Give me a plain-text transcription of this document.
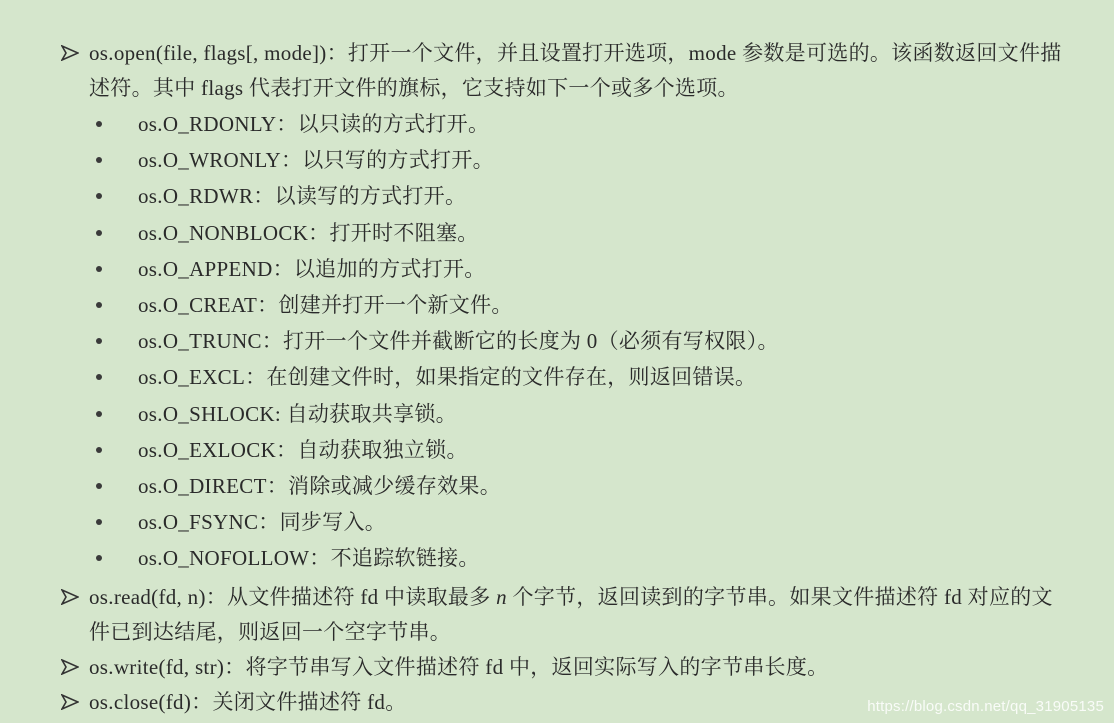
os.open(file, flags[, mode])：打开一个文件，并且设置打开选项，mode 参数是可选的。该函数返回文件描述符。其中 flags 代表打开文件的旗标，它支持如下一个或多个选项。
os.O_RDONLY：以只读的方式打开。
os.O_WRONLY：以只写的方式打开。
os.O_RDWR：以读写的方式打开。
os.O_NONBLOCK：打开时不阻塞。
os.O_APPEND：以追加的方式打开。
os.O_CREAT：创建并打开一个新文件。
os.O_TRUNC：打开一个文件并截断它的长度为 0（必须有写权限）。
os.O_EXCL：在创建文件时，如果指定的文件存在，则返回错误。
os.O_SHLOCK: 自动获取共享锁。
os.O_EXLOCK：自动获取独立锁。
os.O_DIRECT：消除或减少缓存效果。
os.O_FSYNC：同步写入。
os.O_NOFOLLOW：不追踪软链接。
os.read(fd, n)：从文件描述符 fd 中读取最多 n 个字节，返回读到的字节串。如果文件描述符 fd 对应的文件已到达结尾，则返回一个空字节串。
os.write(fd, str)：将字节串写入文件描述符 fd 中，返回实际写入的字节串长度。
os.close(fd)：关闭文件描述符 fd。	https://blog.csdn.net/qq_31905135
